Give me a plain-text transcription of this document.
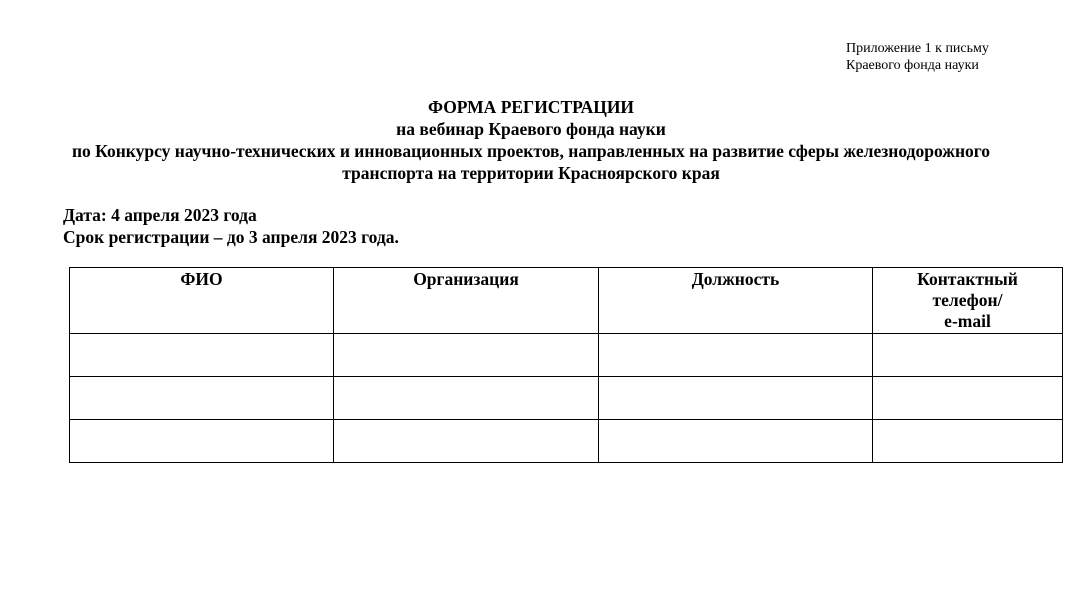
Приложение 1 к письму
Краевого фонда науки
ФОРМА РЕГИСТРАЦИИ
на вебинар Краевого фонда науки
по Конкурсу научно-технических и инновационных проектов, направленных на развитие сферы железнодорожного
транспорта на территории Красноярского края
Дата: 4 апреля 2023 года
Срок регистрации – до 3 апреля 2023 года.
ФИО	Организация	Должность	Контактный
телефон/
e-mail
